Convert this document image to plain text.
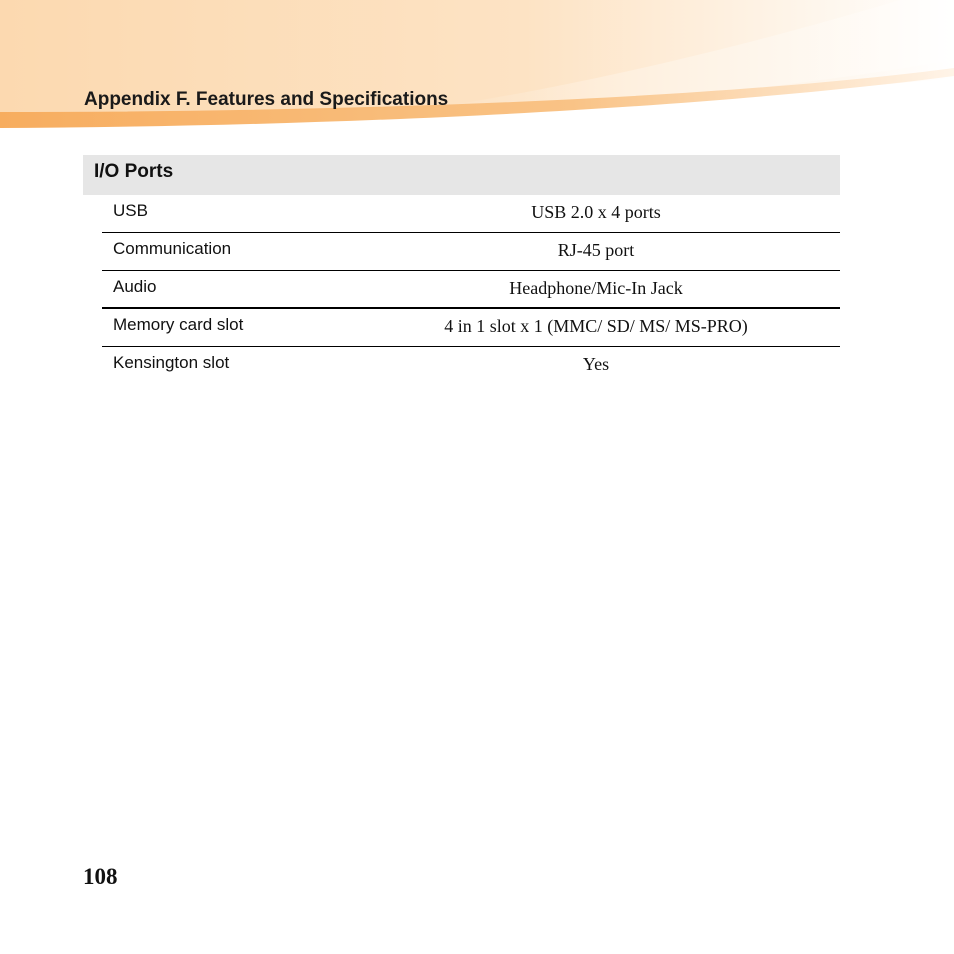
Appendix F. Features and Specifications
I/O Ports
USB	USB 2.0 x 4 ports
Communication	RJ-45 port
Audio	Headphone/Mic-In Jack
Memory card slot	4 in 1 slot x 1 (MMC/ SD/ MS/ MS-PRO)
Kensington slot	Yes
108
